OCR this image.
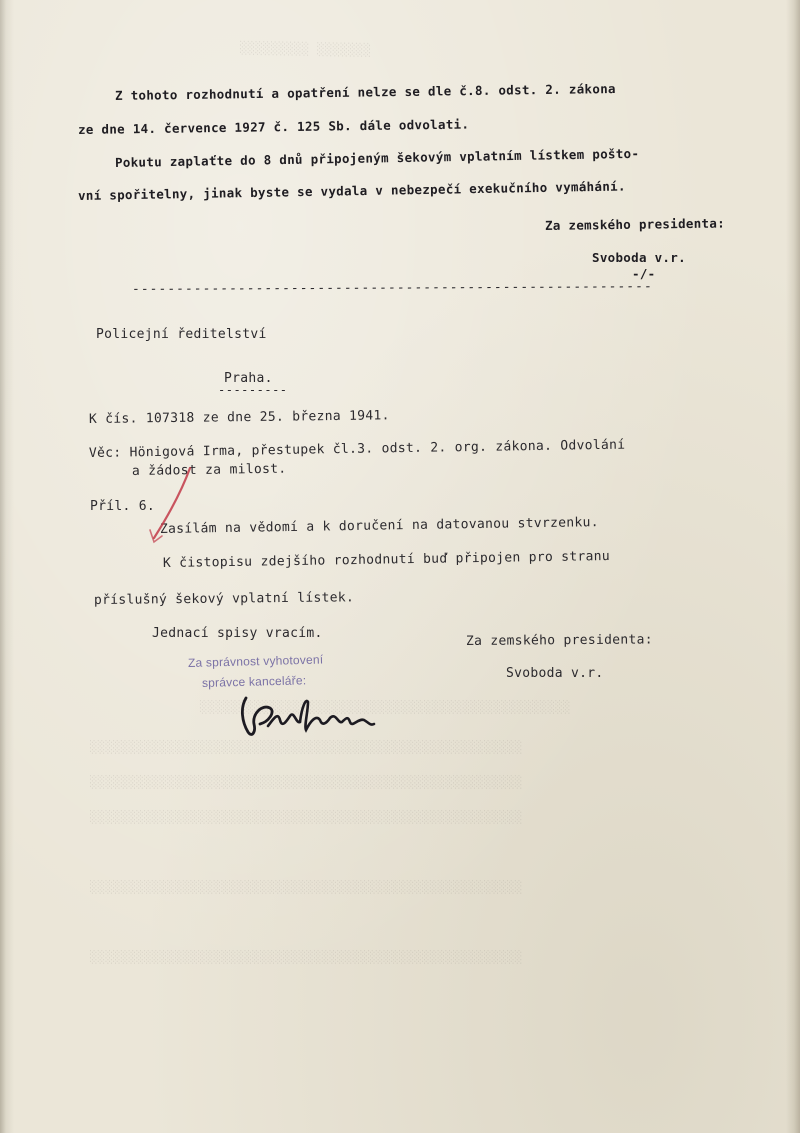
░░░░░░░░░ ░░░░░░░
░░░░░░░░░░░░░░░░░░░░░░░░░░░░░░░░░░░░░░░░░░░░░░░░
░░░░░░░░░░░░░░░░░░░░░░░░░░░░░░░░░░░░░░░░░░░░░░░░░░░░░░░░
░░░░░░░░░░░░░░░░░░░░░░░░░░░░░░░░░░░░░░░░░░░░░░░░░░░░░░░░
░░░░░░░░░░░░░░░░░░░░░░░░░░░░░░░░░░░░░░░░░░░░░░░░░░░░░░░░
░░░░░░░░░░░░░░░░░░░░░░░░░░░░░░░░░░░░░░░░░░░░░░░░░░░░░░░░
░░░░░░░░░░░░░░░░░░░░░░░░░░░░░░░░░░░░░░░░░░░░░░░░░░░░░░░░
Z tohoto rozhodnutí a opatření nelze se dle č.8. odst. 2. zákona
ze dne 14. července 1927 č. 125 Sb. dále odvolati.
Pokutu zaplaťte do 8 dnů připojeným šekovým vplatním lístkem pošto-
vní spořitelny, jinak byste se vydala v nebezpečí exekučního vymáhání.
Za zemského presidenta:
Svoboda v.r.
-/-
-----------------------------------------------------------
Policejní ředitelství
Praha.
---------
K čís. 107318 ze dne 25. března 1941.
Věc: Hönigová Irma, přestupek čl.3. odst. 2. org. zákona. Odvolání
a žádost za milost.
Příl. 6.
Zasílám na vědomí a k doručení na datovanou stvrzenku.
K čistopisu zdejšího rozhodnutí buď připojen pro stranu
příslušný šekový vplatní lístek.
Jednací spisy vracím.	Za zemského presidenta:
Svoboda v.r.
Za správnost vyhotovení
správce kanceláře:
